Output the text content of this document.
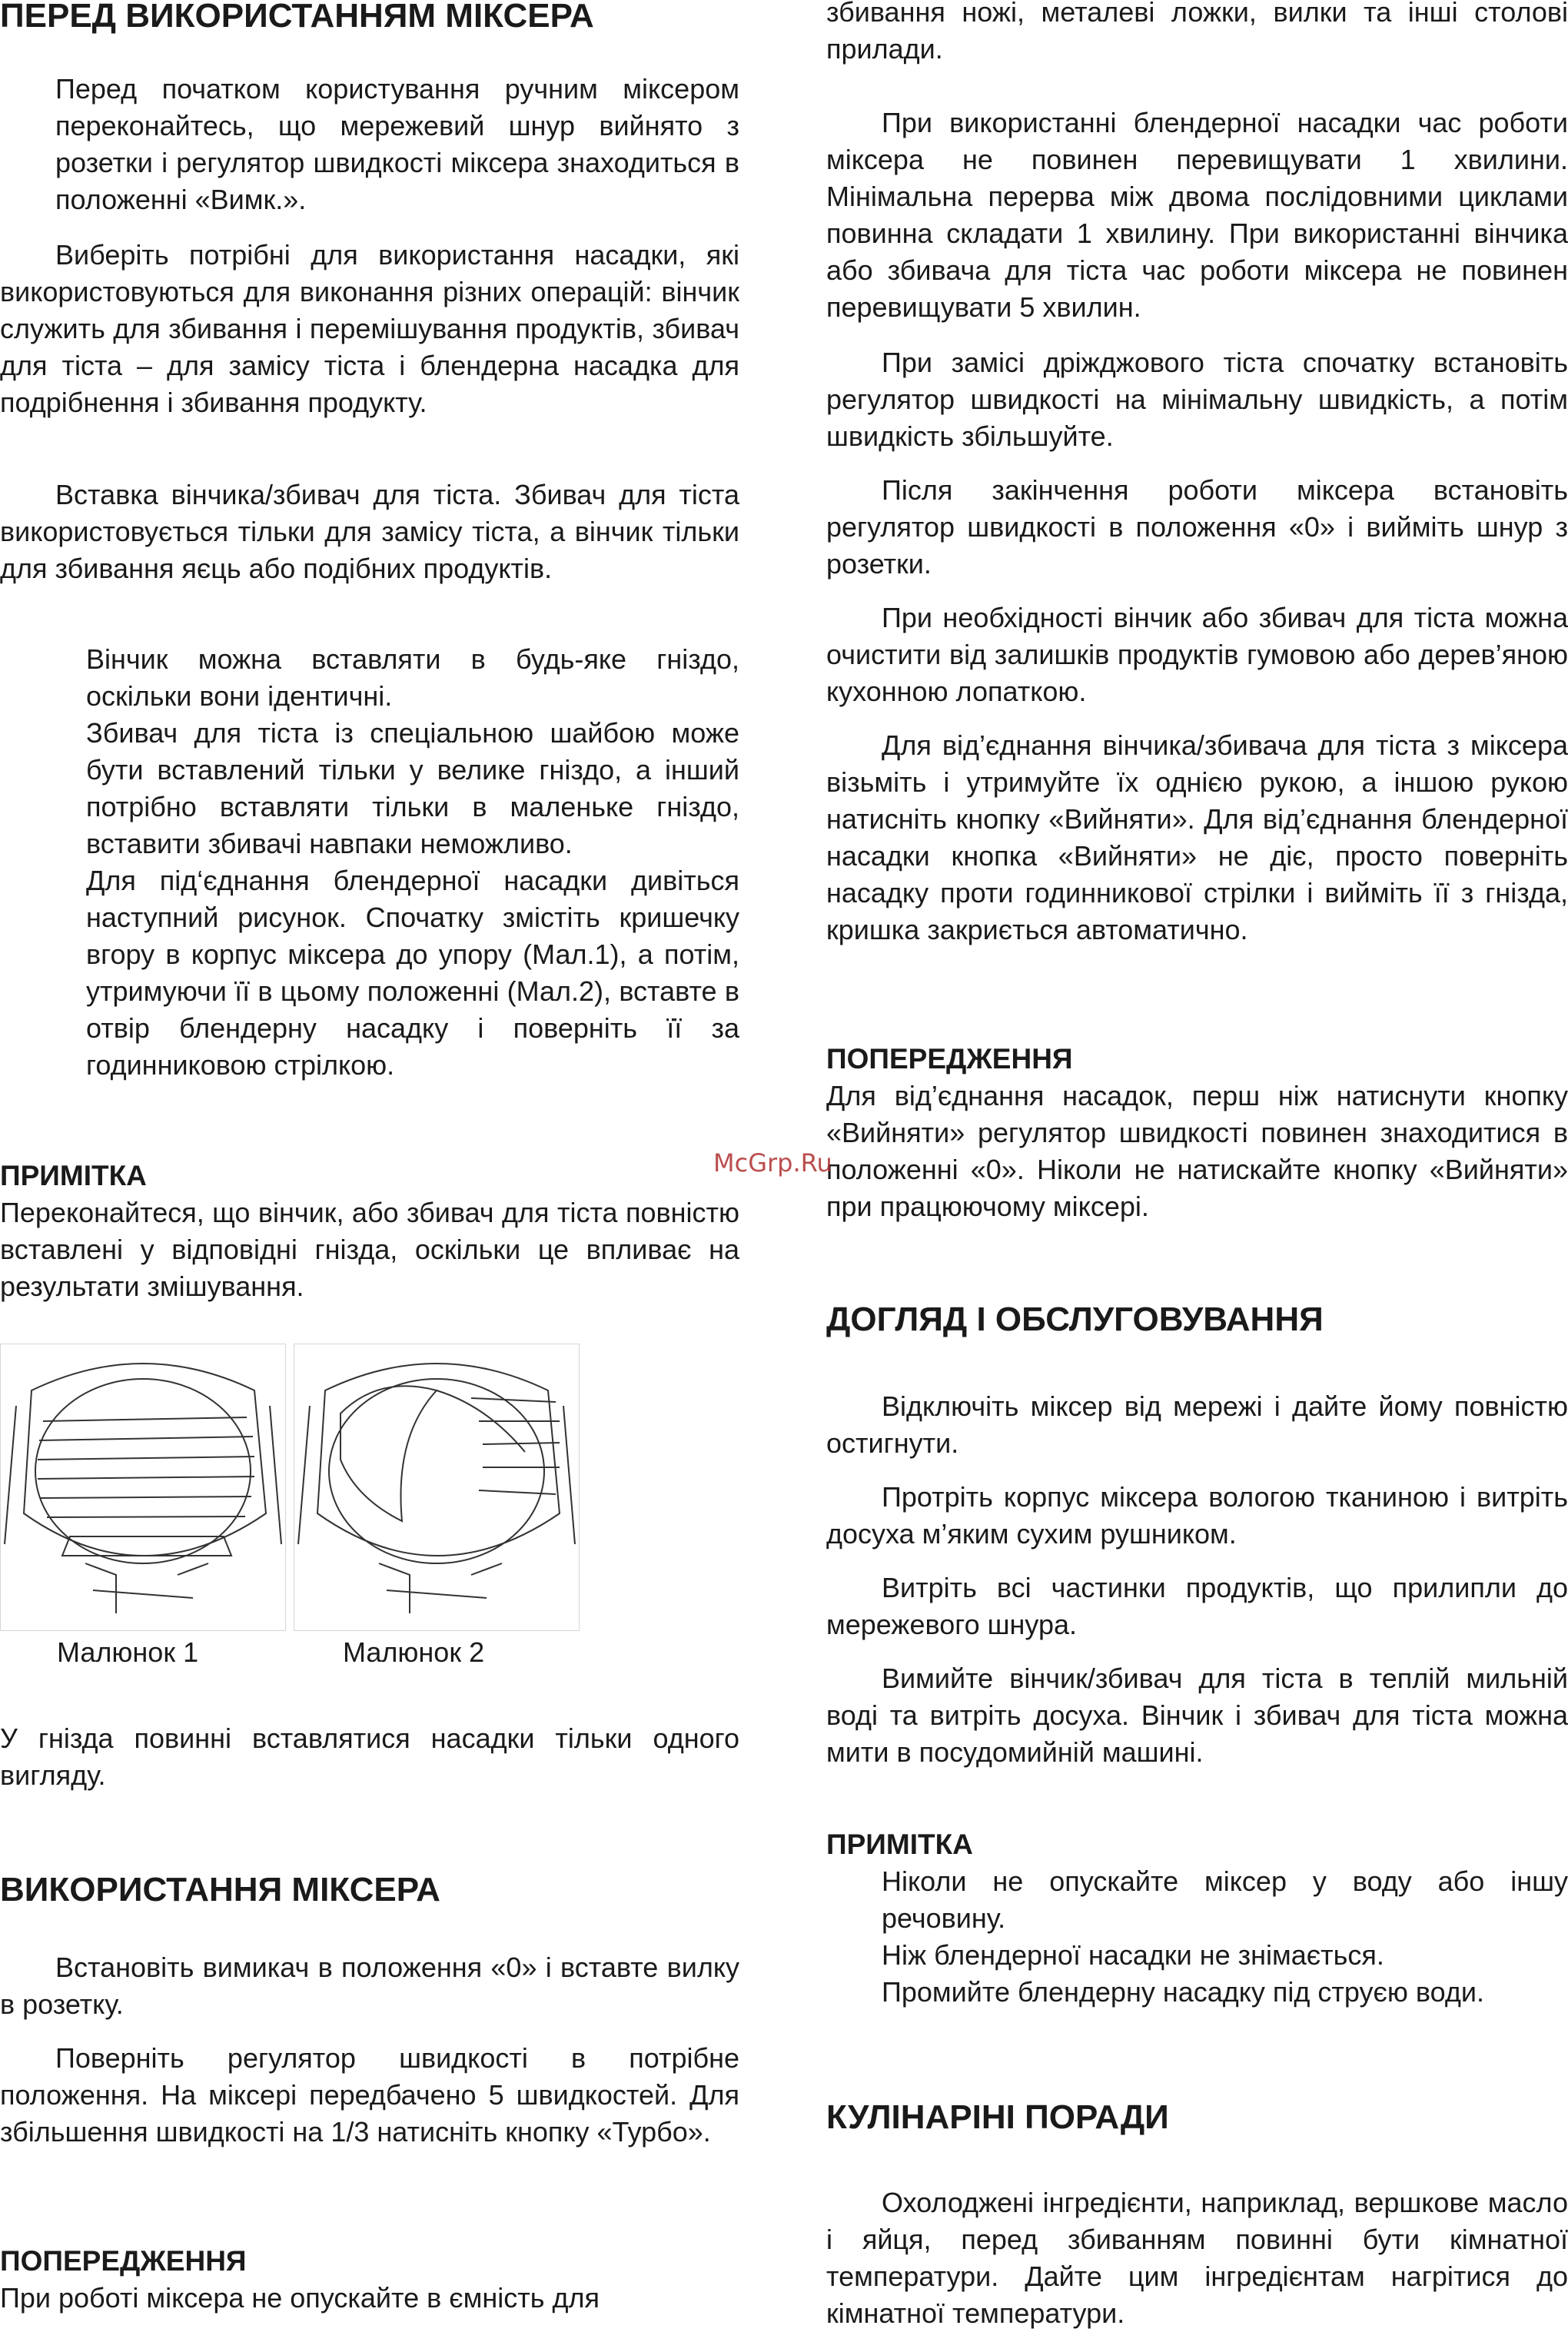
ПЕРЕД ВИКОРИСТАННЯМ МІКСЕРА

Перед початком користування ручним міксером переконайтесь, що мережевий шнур вийнято з розетки і регулятор швидкості міксера знаходиться в положенні «Вимк.».

Виберіть потрібні для використання насадки, які використовуються для виконання різних операцій: вінчик служить для збивання і перемішування продуктів, збивач для тіста – для замісу тіста і блендерна насадка для подрібнення і збивання продукту.

Вставка вінчика/збивач для тіста. Збивач для тіста використовується тільки для замісу тіста, а вінчик тільки для збивання яєць або подібних продуктів.

Вінчик можна вставляти в будь-яке гніздо, оскільки вони ідентичні.

Збивач для тіста із спеціальною шайбою може бути вставлений тільки у велике гніздо, а інший потрібно вставляти тільки в маленьке гніздо, вставити збивачі навпаки неможливо.

Для під‘єднання блендерної насадки дивіться наступний рисунок. Спочатку змістіть кришечку вгору в корпус міксера до упору (Мал.1), а потім, утримуючи її в цьому положенні (Мал.2), вставте в отвір блендерну насадку і поверніть її за годинниковою стрілкою.

ПРИМІТКА

Переконайтеся, що вінчик, або збивач для тіста повністю вставлені у відповідні гнізда, оскільки це впливає на результати змішування.

Малюнок 1	Малюнок 2

У гнізда повинні вставлятися насадки тільки одного вигляду.

ВИКОРИСТАННЯ МІКСЕРА

Встановіть вимикач в положення «0» і вставте вилку в розетку.

Поверніть регулятор швидкості в потрібне положення. На міксері передбачено 5 швидкостей. Для збільшення швидкості на 1/3 натисніть кнопку «Турбо».

ПОПЕРЕДЖЕННЯ

При роботі міксера не опускайте в ємність для

збивання ножі, металеві ложки, вилки та інші столові прилади.

При використанні блендерної насадки час роботи міксера не повинен перевищувати 1 хвилини. Мінімальна перерва між двома послідовними циклами повинна складати 1 хвилину. При використанні вінчика або збивача для тіста час роботи міксера не повинен перевищувати 5 хвилин.

При замісі дріжджового тіста спочатку встановіть регулятор швидкості на мінімальну швидкість, а потім швидкість збільшуйте.

Після закінчення роботи міксера встановіть регулятор швидкості в положення «0» і вийміть шнур з розетки.

При необхідності вінчик або збивач для тіста можна очистити від залишків продуктів гумовою або дерев’яною кухонною лопаткою.

Для від’єднання вінчика/збивача для тіста з міксера візьміть і утримуйте їх однією рукою, а іншою рукою натисніть кнопку «Вийняти». Для від’єднання блендерної насадки кнопка «Вийняти» не діє, просто поверніть насадку проти годинникової стрілки і вийміть її з гнізда, кришка закриється автоматично.

ПОПЕРЕДЖЕННЯ

Для від’єднання насадок, перш ніж натиснути кнопку «Вийняти» регулятор швидкості повинен знаходитися в положенні «0». Ніколи не натискайте кнопку «Вийняти» при працюючому міксері.

ДОГЛЯД І ОБСЛУГОВУВАННЯ

Відключіть міксер від мережі і дайте йому повністю остигнути.

Протріть корпус міксера вологою тканиною і витріть досуха м’яким сухим рушником.

Витріть всі частинки продуктів, що прилипли до мережевого шнура.

Вимийте вінчик/збивач для тіста в теплій мильній воді та витріть досуха. Вінчик і збивач для тіста можна мити в посудомийній машині.

ПРИМІТКА

Ніколи не опускайте міксер у воду або іншу речовину.

Ніж блендерної насадки не знімається.

Промийте блендерну насадку під струєю води.

КУЛІНАРІНІ ПОРАДИ

Охолоджені інгредієнти, наприклад, вершкове масло і яйця, перед збиванням повинні бути кімнатної температури. Дайте цим інгредієнтам нагрітися до кімнатної температури.

McGrp.Ru
